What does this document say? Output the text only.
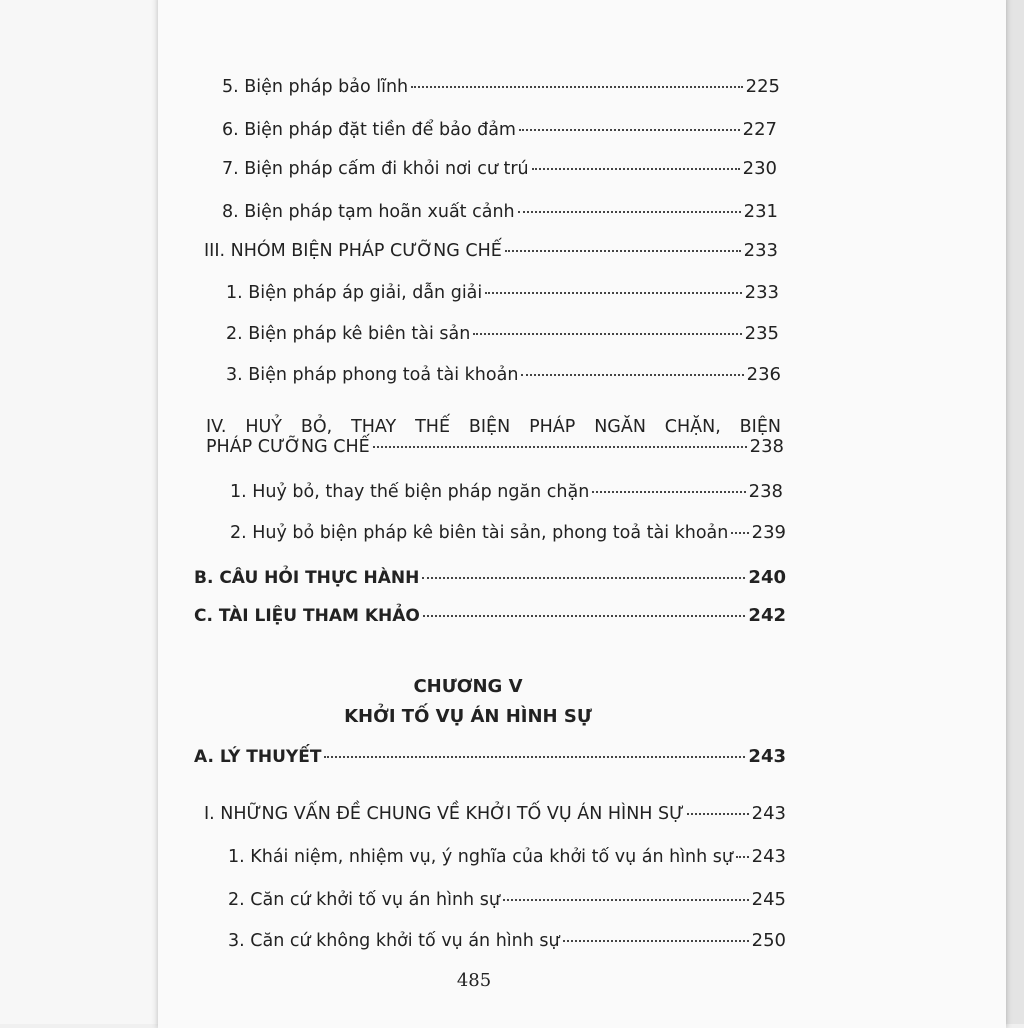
5. Biện pháp bảo lĩnh	225
6. Biện pháp đặt tiền để bảo đảm	227
7. Biện pháp cấm đi khỏi nơi cư trú	230
8. Biện pháp tạm hoãn xuất cảnh	231
III. NHÓM BIỆN PHÁP CƯỠNG CHẾ	233
1. Biện pháp áp giải, dẫn giải	233
2. Biện pháp kê biên tài sản	235
3. Biện pháp phong toả tài khoản	236
IV. HUỶ BỎ, THAY THẾ BIỆN PHÁP NGĂN CHẶN, BIỆN
PHÁP CƯỠNG CHẾ	238
1. Huỷ bỏ, thay thế biện pháp ngăn chặn	238
2. Huỷ bỏ biện pháp kê biên tài sản, phong toả tài khoản 239
B. CÂU HỎI THỰC HÀNH	240
C. TÀI LIỆU THAM KHẢO	242
CHƯƠNG V
KHỞI TỐ VỤ ÁN HÌNH SỰ
A. LÝ THUYẾT	243
I. NHỮNG VẤN ĐỀ CHUNG VỀ KHỞI TỐ VỤ ÁN HÌNH SỰ	243
1. Khái niệm, nhiệm vụ, ý nghĩa của khởi tố vụ án hình sự 243
2. Căn cứ khởi tố vụ án hình sự	245
3. Căn cứ không khởi tố vụ án hình sự	250
485
